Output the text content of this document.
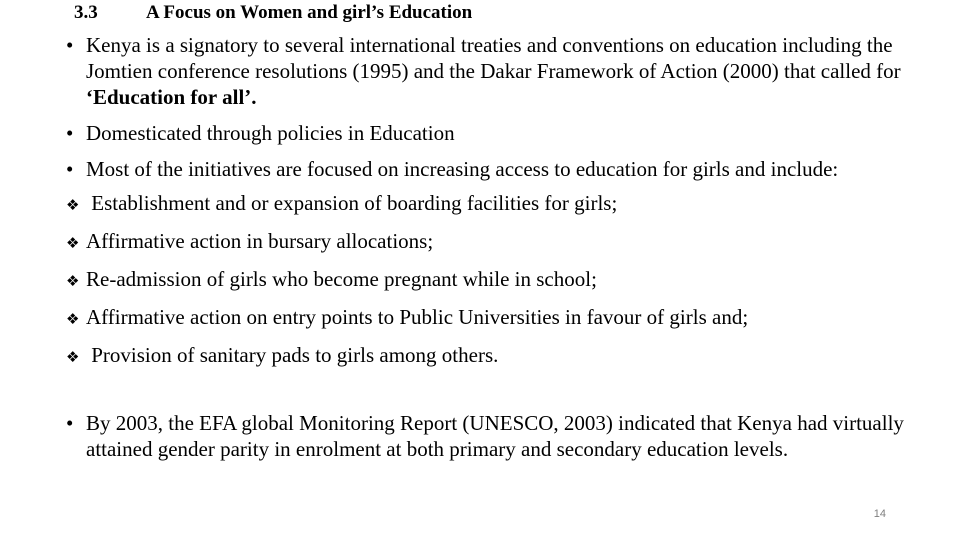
3.3	A Focus on Women and girl’s Education
• Kenya is a signatory to several international treaties and conventions on education including the Jomtien conference resolutions (1995) and the Dakar Framework of Action (2000) that called for ‘Education for all’.
• Domesticated through policies in Education
• Most of the initiatives are focused on increasing access to education for girls and include:
❖ Establishment and or expansion of boarding facilities for girls;
❖ Affirmative action in bursary allocations;
❖ Re-admission of girls who become pregnant while in school;
❖ Affirmative action on entry points to Public Universities in favour of girls and;
❖ Provision of sanitary pads to girls among others.
• By 2003, the EFA global Monitoring Report (UNESCO, 2003) indicated that Kenya had virtually attained gender parity in enrolment at both primary and secondary education levels.
14
